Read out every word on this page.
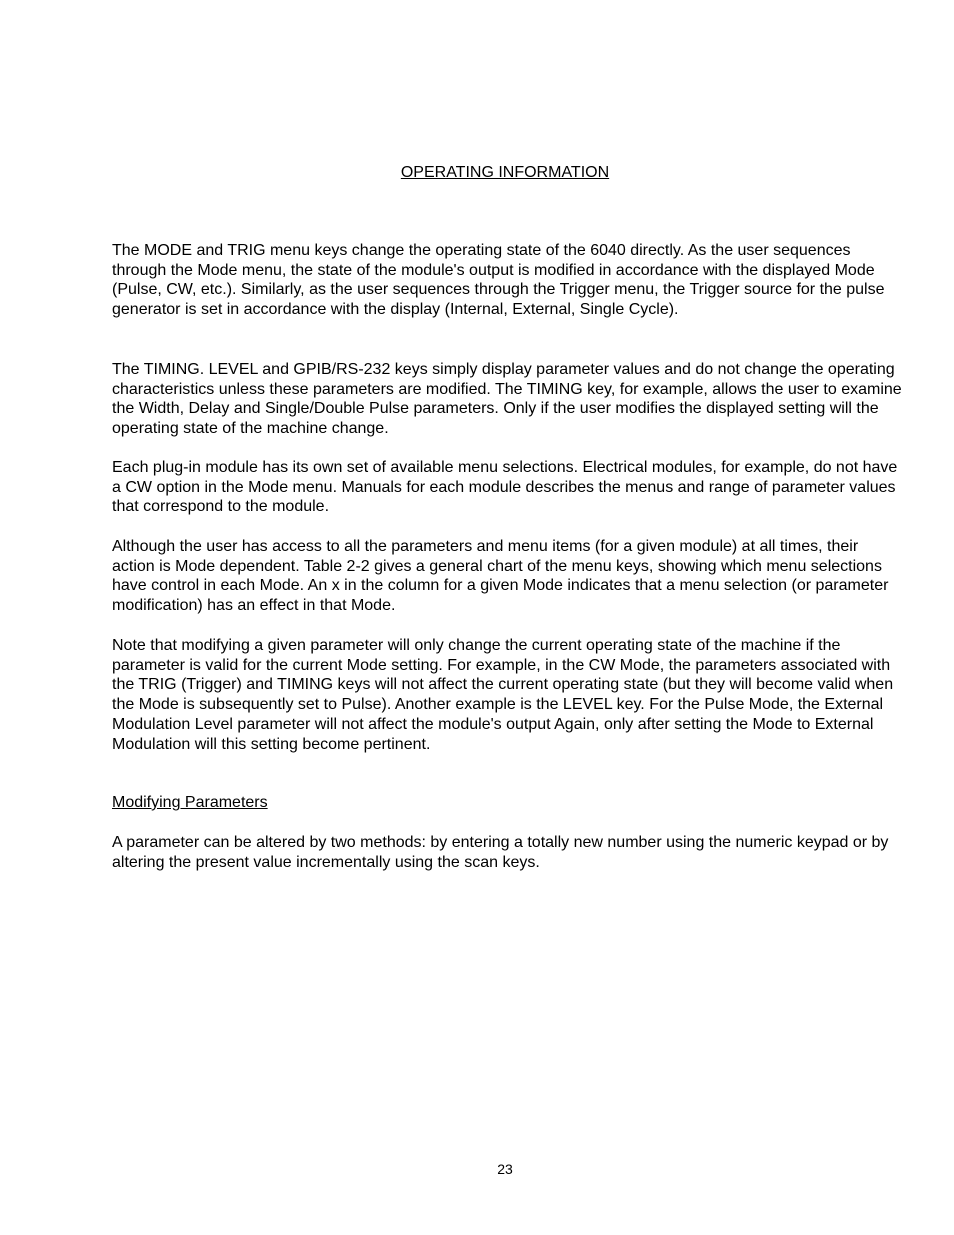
OPERATING INFORMATION

The MODE and TRIG menu keys change the operating state of the 6040 directly. As the user sequences through the Mode menu, the state of the module's output is modified in accordance with the displayed Mode (Pulse, CW, etc.). Similarly, as the user sequences through the Trigger menu, the Trigger source for the pulse generator is set in accordance with the display (Internal, External, Single Cycle).

The TIMING. LEVEL and GPIB/RS-232 keys simply display parameter values and do not change the operating characteristics unless these parameters are modified. The TIMING key, for example, allows the user to examine the Width, Delay and Single/Double Pulse parameters. Only if the user modifies the displayed setting will the operating state of the machine change.

Each plug-in module has its own set of available menu selections. Electrical modules, for example, do not have a CW option in the Mode menu. Manuals for each module describes the menus and range of parameter values that correspond to the module.

Although the user has access to all the parameters and menu items (for a given module) at all times, their action is Mode dependent. Table 2-2 gives a general chart of the menu keys, showing which menu selections have control in each Mode. An x in the column for a given Mode indicates that a menu selection (or parameter modification) has an effect in that Mode.

Note that modifying a given parameter will only change the current operating state of the machine if the parameter is valid for the current Mode setting. For example, in the CW Mode, the parameters associated with the TRIG (Trigger) and TIMING keys will not affect the current operating state (but they will become valid when the Mode is subsequently set to Pulse). Another example is the LEVEL key. For the Pulse Mode, the External Modulation Level parameter will not affect the module's output Again, only after setting the Mode to External Modulation will this setting become pertinent.

Modifying Parameters

A parameter can be altered by two methods: by entering a totally new number using the numeric keypad or by altering the present value incrementally using the scan keys.

23
